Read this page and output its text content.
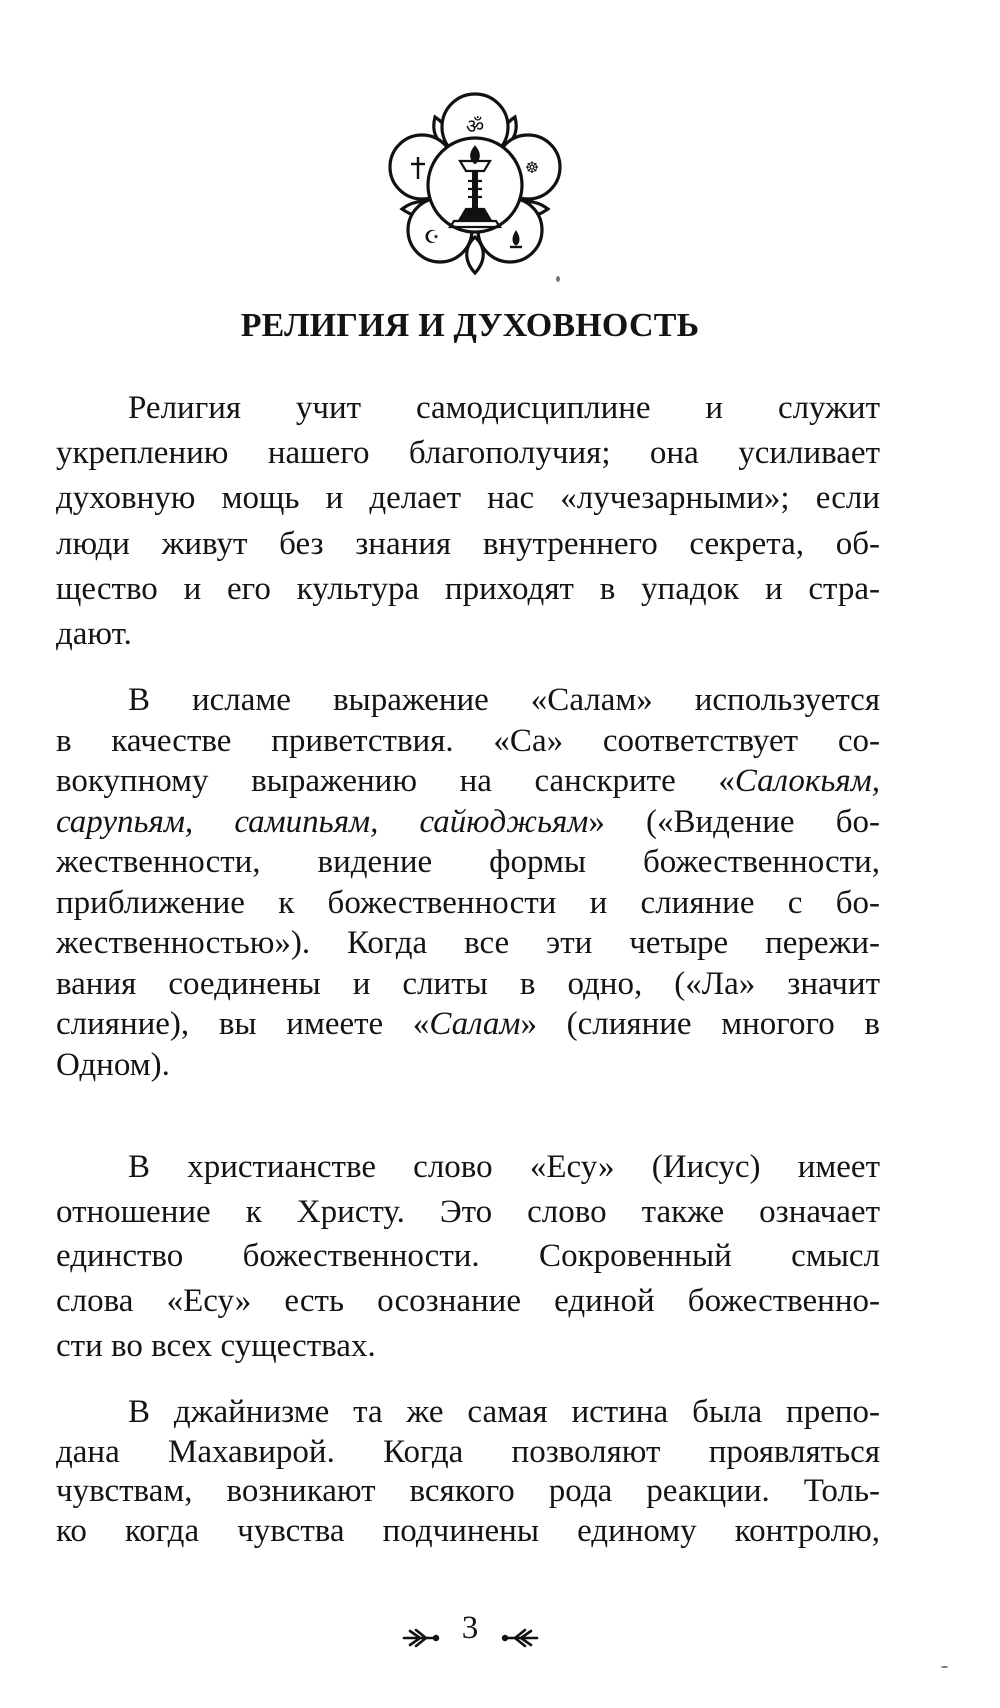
ॐ
☸
☪
РЕЛИГИЯ И ДУХОВНОСТЬ
Религия учит самодисциплине и служит
укреплению нашего благополучия; она усиливает
духовную мощь и делает нас «лучезарными»; если
люди живут без знания внутреннего секрета, об-
щество и его культура приходят в упадок и стра-
дают.
В исламе выражение «Салам» используется
в качестве приветствия. «Са» соответствует со-
вокупному выражению на санскрите «Салокьям,
сарупьям, самипьям, сайюджьям» («Видение бо-
жественности, видение формы божественности,
приближение к божественности и слияние с бо-
жественностью»). Когда все эти четыре пережи-
вания соединены и слиты в одно, («Ла» значит
слияние), вы имеете «Салам» (слияние многого в
Одном).
В христианстве слово «Есу» (Иисус) имеет
отношение к Христу. Это слово также означает
единство божественности. Сокровенный смысл
слова «Есу» есть осознание единой божественно-
сти во всех существах.
В джайнизме та же самая истина была препо-
дана Махавирой. Когда позволяют проявляться
чувствам, возникают всякого рода реакции. Толь-
ко когда чувства подчинены единому контролю,
3
